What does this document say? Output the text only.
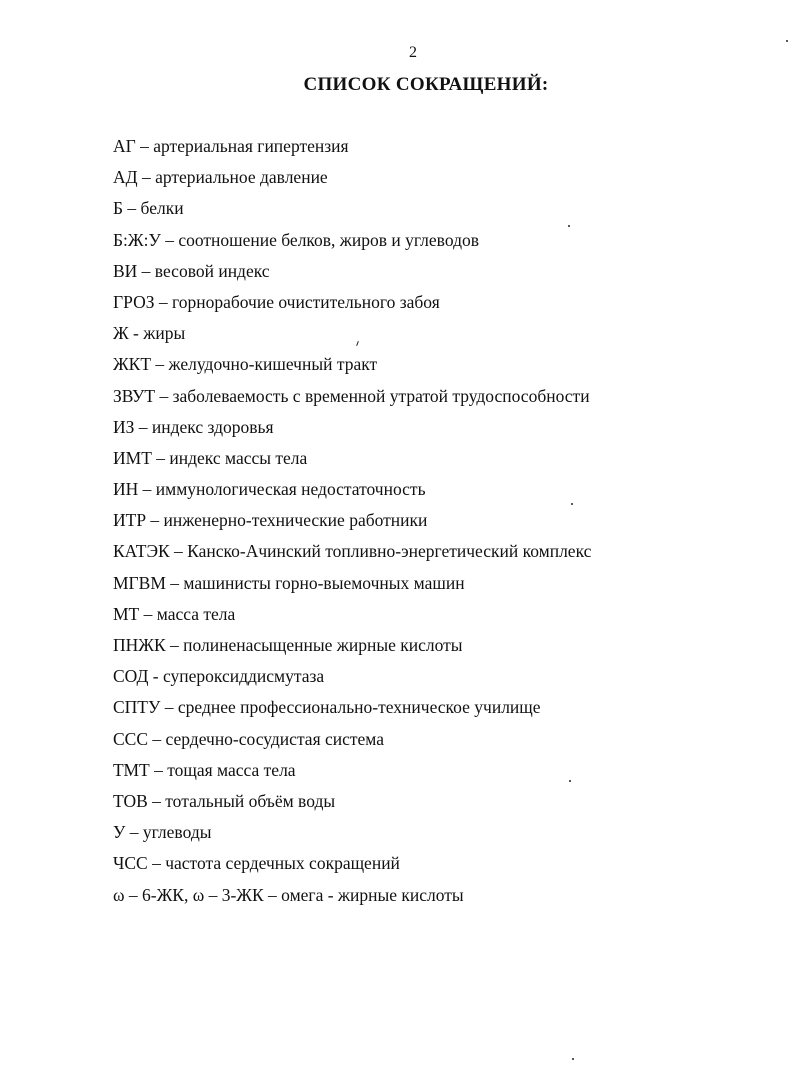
2
СПИСОК СОКРАЩЕНИЙ:
АГ – артериальная гипертензия
АД – артериальное давление
Б – белки
Б:Ж:У – соотношение белков, жиров и углеводов
ВИ – весовой индекс
ГРОЗ – горнорабочие очистительного забоя
Ж - жиры
ЖКТ – желудочно-кишечный тракт
ЗВУТ – заболеваемость с временной утратой трудоспособности
ИЗ – индекс здоровья
ИМТ – индекс массы тела
ИН – иммунологическая недостаточность
ИТР – инженерно-технические работники
КАТЭК – Канско-Ачинский топливно-энергетический комплекс
МГВМ – машинисты горно-выемочных машин
МТ – масса тела
ПНЖК – полиненасыщенные жирные кислоты
СОД - супероксиддисмутаза
СПТУ – среднее профессионально-техническое училище
ССС – сердечно-сосудистая система
ТМТ – тощая масса тела
ТОВ – тотальный объём воды
У – углеводы
ЧСС – частота сердечных сокращений
ω – 6-ЖК, ω – 3-ЖК – омега - жирные кислоты
